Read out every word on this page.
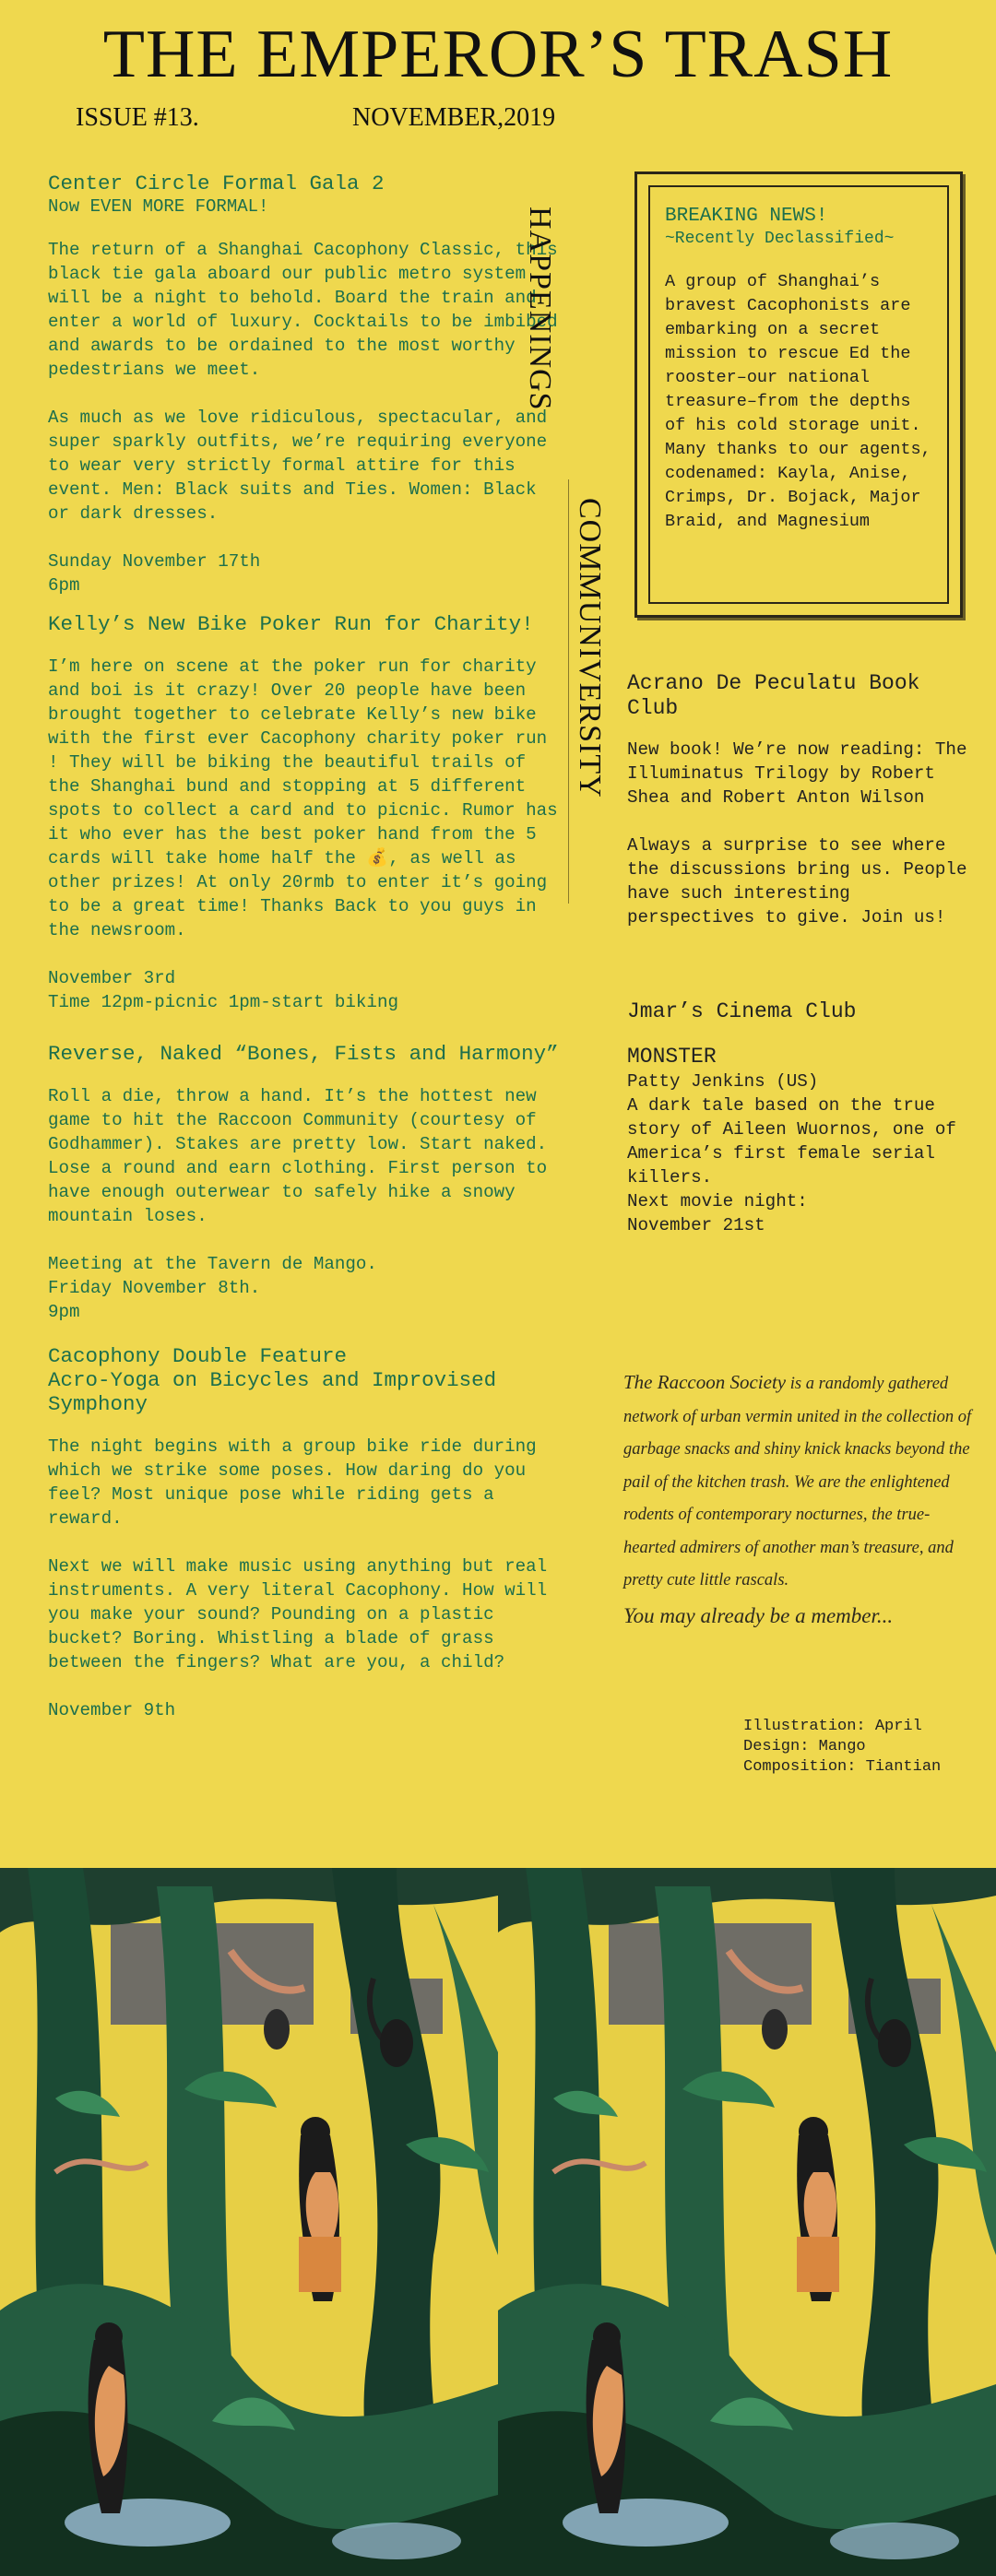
THE EMPEROR’S TRASH
ISSUE #13.	NOVEMBER,2019

Center Circle Formal Gala 2

Now EVEN MORE FORMAL!

The return of a Shanghai Cacophony Classic, this black tie gala aboard our public metro system will be a night to behold. Board the train and enter a world of luxury. Cocktails to be imbibed and awards to be ordained to the most worthy pedestrians we meet.

As much as we love ridiculous, spectacular, and super sparkly outfits, we’re requiring everyone to wear very strictly formal attire for this event. Men: Black suits and Ties. Women: Black or dark dresses.

Sunday November 17th
6pm

Kelly’s New Bike Poker Run for Charity!

I’m here on scene at the poker run for charity and boi is it crazy! Over 20 people have been brought together to celebrate Kelly’s new bike with the first ever Cacophony charity poker run ! They will be biking the beautiful trails of the Shanghai bund and stopping at 5 different spots to collect a card and to picnic. Rumor has it who ever has the best poker hand from the 5 cards will take home half the 💰, as well as other prizes! At only 20rmb to enter it’s going to be a great time! Thanks Back to you guys in the newsroom.

November 3rd
Time 12pm-picnic 1pm-start biking

Reverse, Naked “Bones, Fists and Harmony”

Roll a die, throw a hand. It’s the hottest new game to hit the Raccoon Community (courtesy of Godhammer). Stakes are pretty low. Start naked. Lose a round and earn clothing. First person to have enough outerwear to safely hike a snowy mountain loses.

Meeting at the Tavern de Mango.
Friday November 8th.
9pm

Cacophony Double Feature

Acro-Yoga on Bicycles and Improvised Symphony

The night begins with a group bike ride during which we strike some poses. How daring do you feel? Most unique pose while riding gets a reward.

Next we will make music using anything but real instruments. A very literal Cacophony. How will you make your sound? Pounding on a plastic bucket? Boring. Whistling a blade of grass between the fingers? What are you, a child?

November 9th

HAPPENINGS
COMMUNIVERSITY

BREAKING NEWS!

~Recently Declassified~

A group of Shanghai’s bravest Cacophonists are embarking on a secret mission to rescue Ed the rooster–our national treasure–from the depths of his cold storage unit. Many thanks to our agents, codenamed: Kayla, Anise, Crimps, Dr. Bojack, Major Braid, and Magnesium

Acrano De Peculatu Book Club

New book! We’re now reading: The Illuminatus Trilogy by Robert Shea and Robert Anton Wilson

Always a surprise to see where the discussions bring us. People have such interesting perspectives to give. Join us!

Jmar’s Cinema Club

MONSTER

Patty Jenkins (US)

A dark tale based on the true story of Aileen Wuornos, one of America’s first female serial killers.

Next movie night:

November 21st

The Raccoon Society is a randomly gathered network of urban vermin united in the collection of garbage snacks and shiny knick knacks beyond the pail of the kitchen trash. We are the enlightened rodents of contemporary nocturnes, the true-hearted admirers of another man’s treasure, and pretty cute little rascals.
You may already be a member...
Illustration: April
Design: Mango
Composition: Tiantian
